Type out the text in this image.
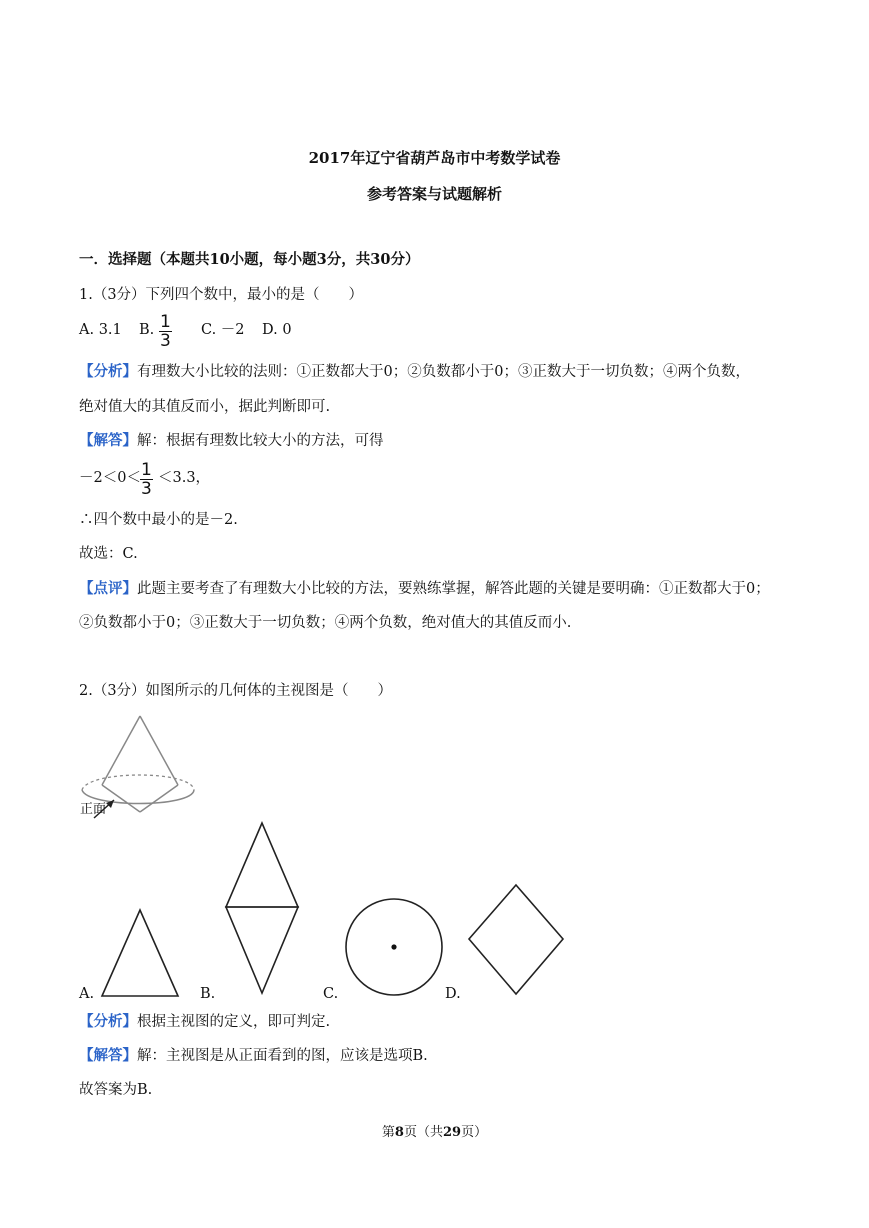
2017年辽宁省葫芦岛市中考数学试卷
参考答案与试题解析
一．选择题（本题共10小题，每小题3分，共30分）
1.（3分）下列四个数中，最小的是（　　）
A. 3.1 B. $\frac{1}{3} C$. －2 D. 0
【分析】有理数大小比较的法则：①正数都大于0；②负数都小于0；③正数大于一切负数；④两个负数，
绝对值大的其值反而小，据此判断即可.
【解答】解：根据有理数比较大小的方法，可得
$-2<0< \frac{1}{3} <3.3$，
∴四个数中最小的是－2.
故选：C.
【点评】此题主要考查了有理数大小比较的方法，要熟练掌握，解答此题的关键是要明确：①正数都大于0；
②负数都小于0；③正数大于一切负数；④两个负数，绝对值大的其值反而小.
2.（3分）如图所示的几何体的主视图是（　　）
正面
A.	B.	C.	D.
【分析】根据主视图的定义，即可判定.
【解答】解：主视图是从正面看到的图，应该是选项B.
故答案为B.
第8页（共29页）
